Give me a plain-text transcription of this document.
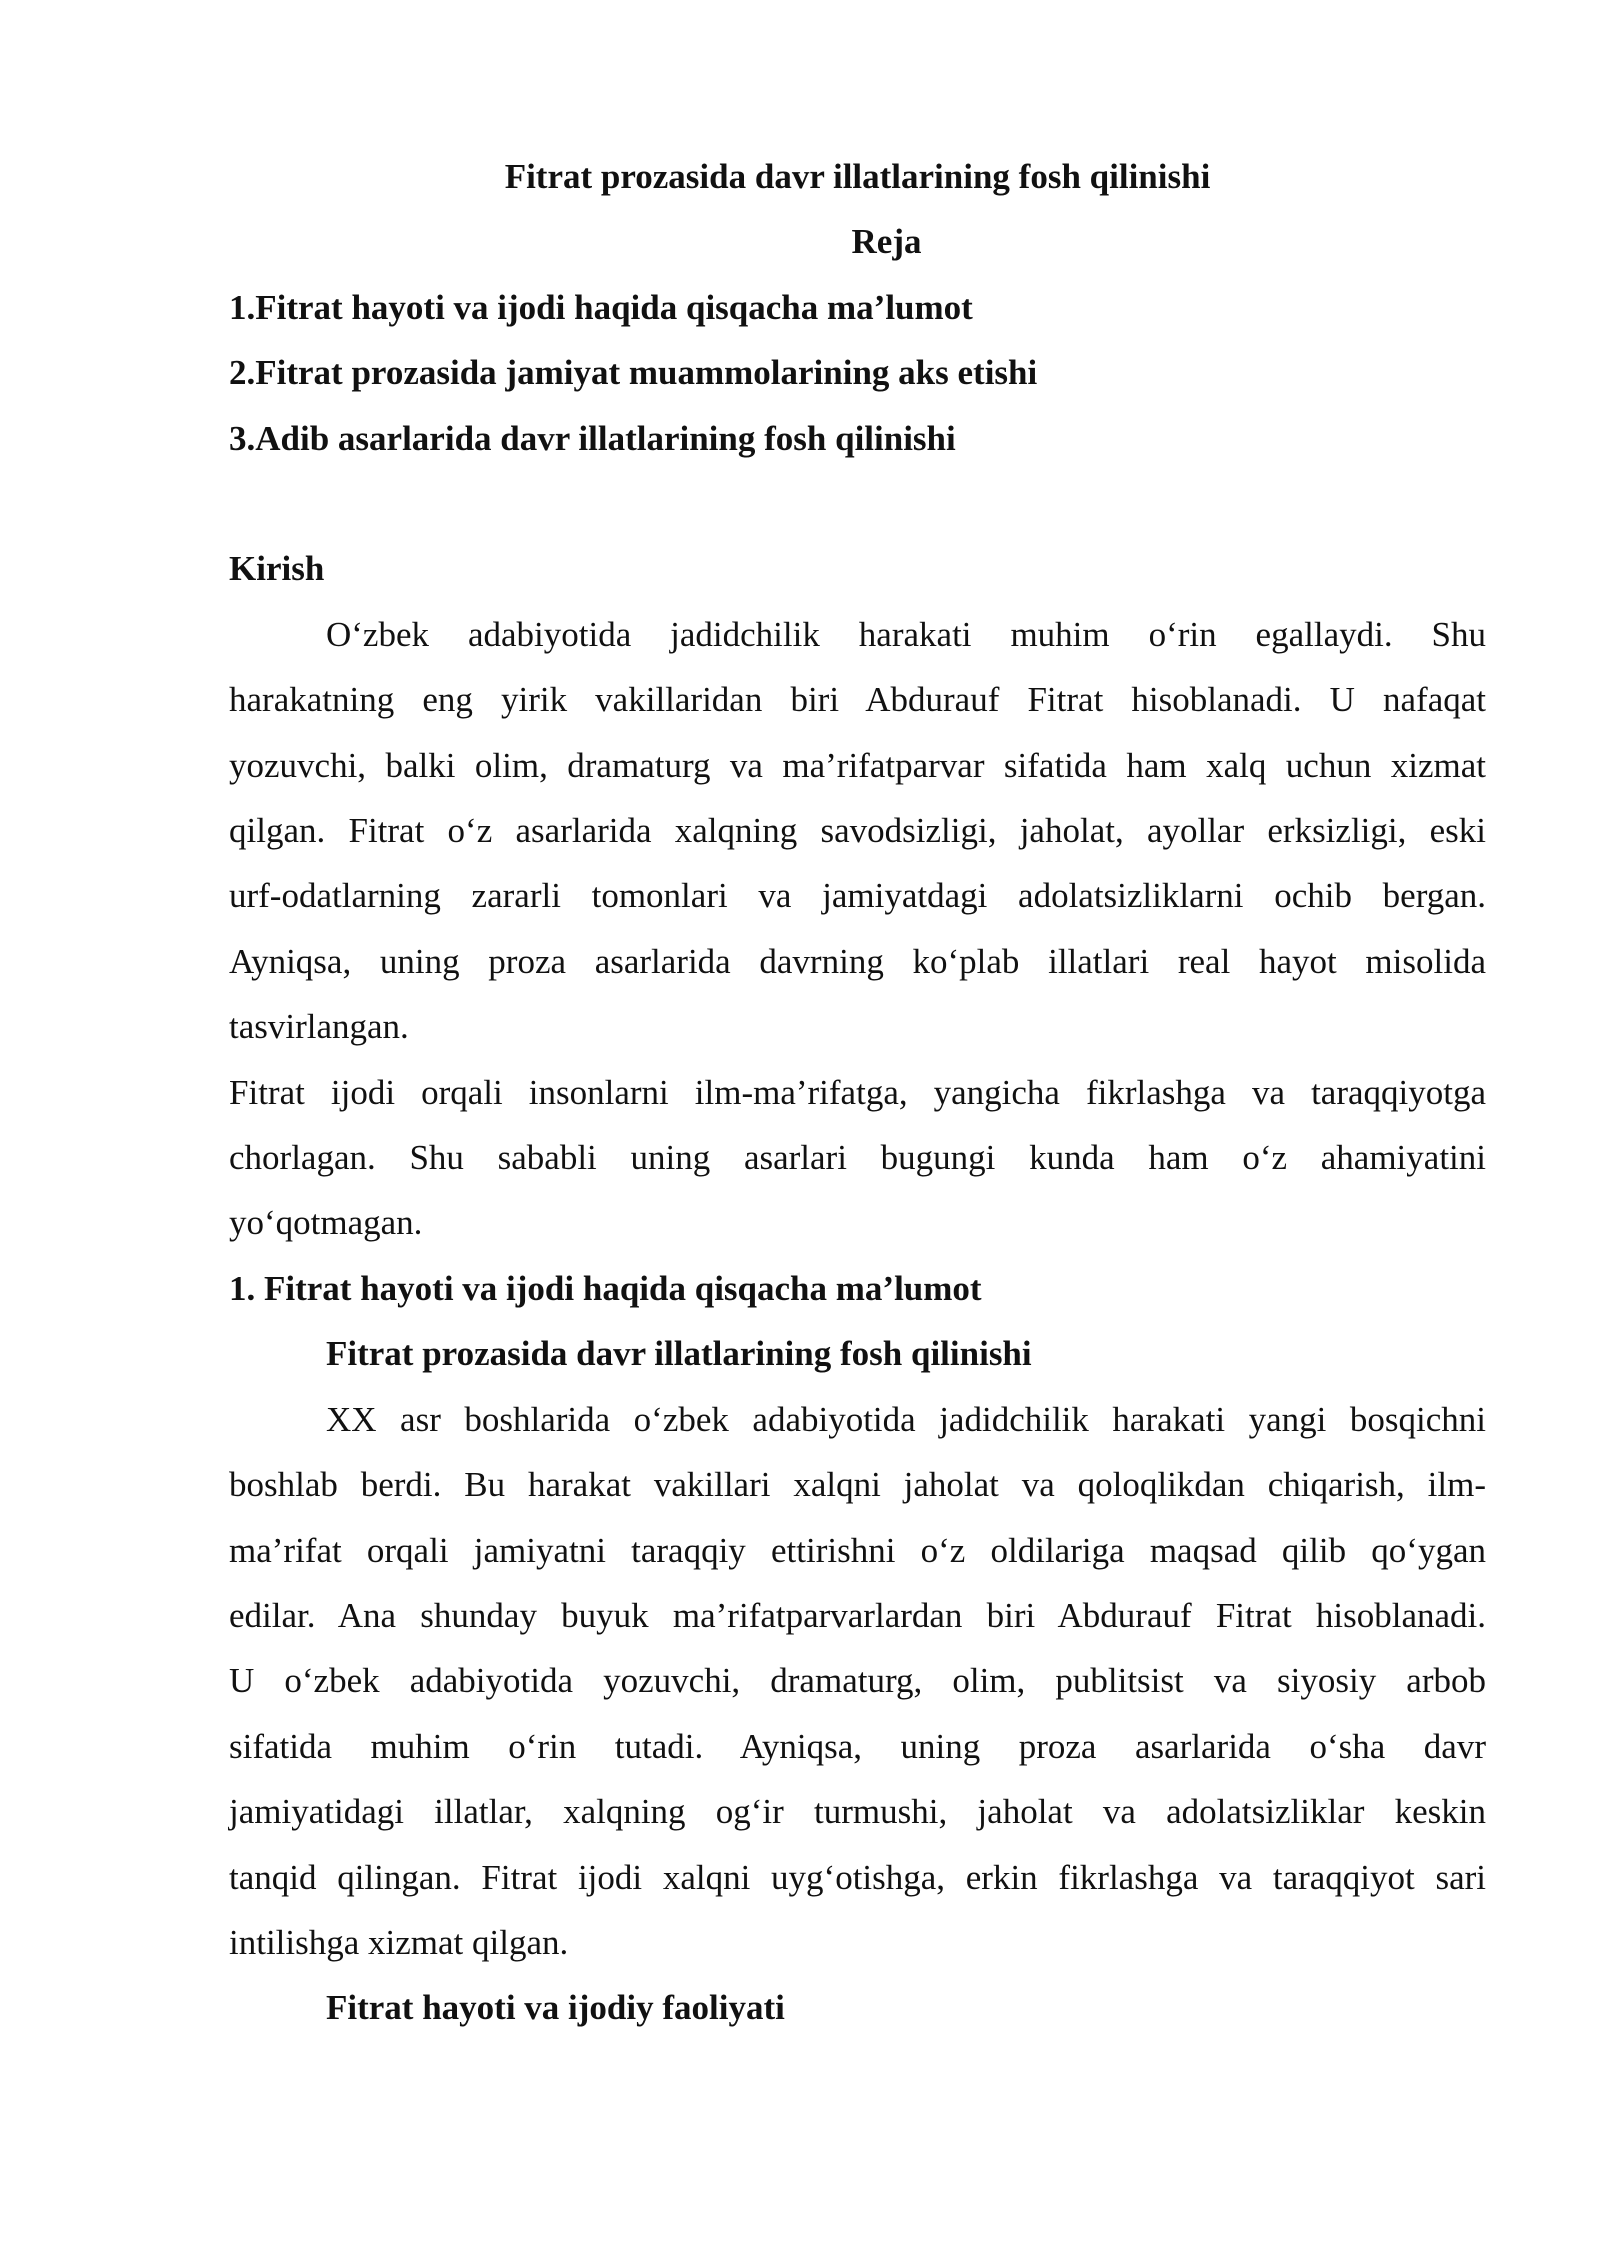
Fitrat prozasida davr illatlarining fosh qilinishi
Reja
1.Fitrat hayoti va ijodi haqida qisqacha ma’lumot
2.Fitrat prozasida jamiyat muammolarining aks etishi
3.Adib asarlarida davr illatlarining fosh qilinishi
Kirish
O‘zbek adabiyotida jadidchilik harakati muhim o‘rin egallaydi. Shu
harakatning eng yirik vakillaridan biri Abdurauf Fitrat hisoblanadi. U nafaqat
yozuvchi, balki olim, dramaturg va ma’rifatparvar sifatida ham xalq uchun xizmat
qilgan. Fitrat o‘z asarlarida xalqning savodsizligi, jaholat, ayollar erksizligi, eski
urf-odatlarning zararli tomonlari va jamiyatdagi adolatsizliklarni ochib bergan.
Ayniqsa, uning proza asarlarida davrning ko‘plab illatlari real hayot misolida
tasvirlangan.
Fitrat ijodi orqali insonlarni ilm-ma’rifatga, yangicha fikrlashga va taraqqiyotga
chorlagan. Shu sababli uning asarlari bugungi kunda ham o‘z ahamiyatini
yo‘qotmagan.
1. Fitrat hayoti va ijodi haqida qisqacha ma’lumot
Fitrat prozasida davr illatlarining fosh qilinishi
XX asr boshlarida o‘zbek adabiyotida jadidchilik harakati yangi bosqichni
boshlab berdi. Bu harakat vakillari xalqni jaholat va qoloqlikdan chiqarish, ilm-
ma’rifat orqali jamiyatni taraqqiy ettirishni o‘z oldilariga maqsad qilib qo‘ygan
edilar. Ana shunday buyuk ma’rifatparvarlardan biri Abdurauf Fitrat hisoblanadi.
U o‘zbek adabiyotida yozuvchi, dramaturg, olim, publitsist va siyosiy arbob
sifatida muhim o‘rin tutadi. Ayniqsa, uning proza asarlarida o‘sha davr
jamiyatidagi illatlar, xalqning og‘ir turmushi, jaholat va adolatsizliklar keskin
tanqid qilingan. Fitrat ijodi xalqni uyg‘otishga, erkin fikrlashga va taraqqiyot sari
intilishga xizmat qilgan.
Fitrat hayoti va ijodiy faoliyati
